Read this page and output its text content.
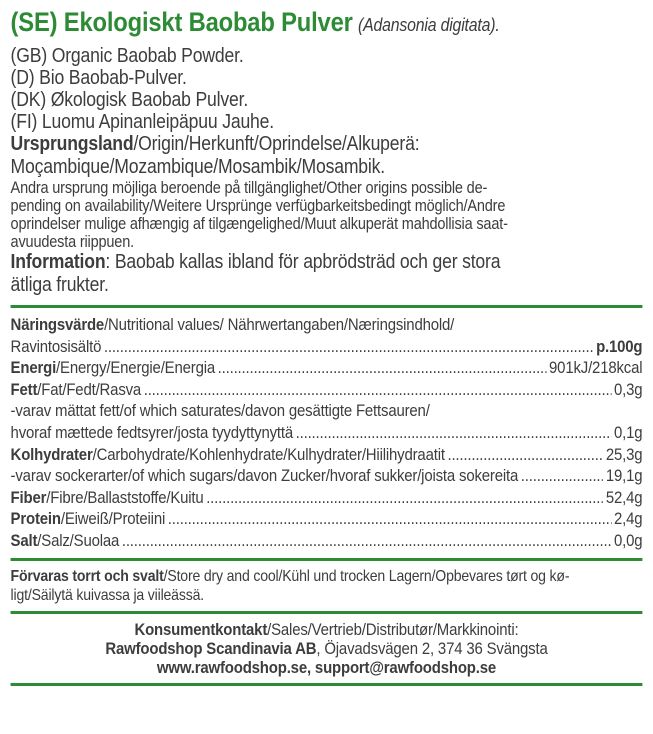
(SE) Ekologiskt Baobab Pulver (Adansonia digitata).
(GB) Organic Baobab Powder.
(D) Bio Baobab-Pulver.
(DK) Økologisk Baobab Pulver.
(FI) Luomu Apinanleipäpuu Jauhe.
Ursprungsland/Origin/Herkunft/Oprindelse/Alkuperä:
Moçambique/Mozambique/Mosambik/Mosambik.
Andra ursprung möjliga beroende på tillgänglighet/Other origins possible de-
pending on availability/Weitere Ursprünge verfügbarkeitsbedingt möglich/Andre
oprindelser mulige afhængig af tilgængelighed/Muut alkuperät mahdollisia saat-
avuudesta riippuen.
Information: Baobab kallas ibland för apbrödsträd och ger stora
ätliga frukter.
Näringsvärde /Nutritional values/ Nährwertangaben/Næringsindhold/
Ravintosisältö .....	p.100g
Energi /Energy/Energie/Energia .....	901kJ/218kcal
Fett /Fat/Fedt/Rasva .....	0,3g
-varav mättat fett/of which saturates/davon gesättigte Fettsauren/
hvoraf mættede fedtsyrer/josta tyydyttynyttä .....	0,1g
Kolhydrater /Carbohydrate/Kohlenhydrate/Kulhydrater/Hiilihydraatit .....	25,3g
-varav sockerarter/of which sugars/davon Zucker/hvoraf sukker/joista sokereita .....	19,1g
Fiber /Fibre/Ballaststoffe/Kuitu .....	52,4g
Protein /Eiweiß/Proteiini .....	2,4g
Salt /Salz/Suolaa .....	0,0g
Förvaras torrt och svalt/Store dry and cool/Kühl und trocken Lagern/Opbevares tørt og kø-
ligt/Säilytä kuivassa ja viileässä.
Konsumentkontakt/Sales/Vertrieb/Distributør/Markkinointi:
Rawfoodshop Scandinavia AB, Öjavadsvägen 2, 374 36 Svängsta
www.rawfoodshop.se, support@rawfoodshop.se
